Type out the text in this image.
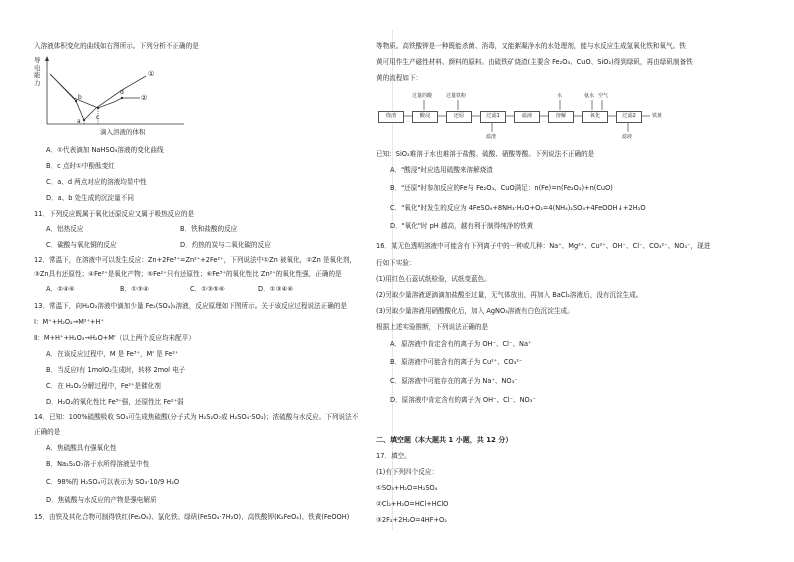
入溶液体积变化的曲线如右图所示。下列分析不正确的是
导
电
能
力
①
②
a
b
c
d
滴入溶液的体积
A．①代表滴加 NaHSO₄溶液的变化曲线
B．c 点时①中酚酞变红
C．a、d 两点对应的溶液均显中性
D．a、b 处生成的沉淀量不同
11．下列反应既属于氧化还原反应又属于吸热反应的是
A．铝热反应	B．铁和盐酸的反应
C．碳酸与氧化铜的反应	D．灼热的炭与二氧化碳的反应
12．常温下，在溶液中可以发生反应：Zn+2Fe³⁺=Zn²⁺+2Fe²⁺，下列说法中①Zn 被氧化，②Zn 是氧化剂，
③Zn具有还原性；④Fe²⁺是氧化产物；⑤Fe²⁺只有还原性；⑥Fe³⁺的氧化性比 Zn²⁺的氧化性强，正确的是
A．②④⑥	B．①③④	C．①③⑤⑥	D．①③④⑥
13．常温下，向H₂O₂溶液中滴加少量 Fe₂(SO₄)₃溶液，反应原理如下图所示。关于该反应过程说法正确的是
Ⅰ：M⁺+H₂O₂→M²⁺+H⁺
Ⅱ：M+H⁺+H₂O₂→H₂O+M'（以上两个反应均未配平）
A．在该反应过程中，M 是 Fe³⁺，M' 是 Fe²⁺
B．当反应Ⅰ有 1molO₂生成时，转移 2mol 电子
C．在 H₂O₂分解过程中，Fe²⁺是催化剂
D．H₂O₂的氧化性比 Fe³⁺强，还原性比 Fe²⁺弱
14．已知：100%硫酸吸收 SO₃可生成焦硫酸(分子式为 H₂S₂O₇或 H₂SO₄·SO₃)；浓硫酸与水反应。下列说法不
正确的是
A．焦硫酸具有强氧化性
B．Na₂S₂O₇溶于水所得溶液呈中性
C．98%的 H₂SO₄可以表示为 SO₃·10/9 H₂O
D．焦硫酸与水反应的产物是强电解质
15．由铁及其化合物可制得铁红(Fe₂O₃)、氯化铁、绿矾(FeSO₄·7H₂O)、高铁酸钾(K₂FeO₄)、铁黄(FeOOH)
等物质。高铁酸钾是一种既能杀菌、消毒，又能絮凝净水的水处理剂，能与水反应生成氢氧化铁和氧气。铁
黄可用作生产磁性材料、颜料的原料。由硫铁矿烧渣(主要含 Fe₂O₃、CuO、SiO₂)得到绿矾，再由绿矾制备铁
黄的流程如下：
烧渣	酸浸	还原	过滤1	滤液	溶解	氧化	过滤2	铁黄
过量的酸	过量铁粉	水	氨水 空气
滤渣	滤液
已知：SiO₂难溶于水也难溶于盐酸、硫酸、硝酸等酸。下列说法不正确的是
A．"酸浸"时应选用硫酸来溶解烧渣
B．"还原"时参加反应的Fe与 Fe₂O₃、CuO满足：n(Fe)=n(Fe₂O₃)+n(CuO)
C．"氧化"时发生的反应为 4FeSO₄+8NH₃·H₂O+O₂=4(NH₄)₂SO₄+4FeOOH↓+2H₂O
D．"氧化"时 pH 越高，越有利于制得纯净的铁黄
16．某无色透明溶液中可能含有下列离子中的一种或几种：Na⁺、Mg²⁺、Cu²⁺、OH⁻、Cl⁻、CO₃²⁻、NO₃⁻，现进
行如下实验：
(1)用红色石蕊试纸检验，试纸变蓝色。
(2)另取少量溶液逐滴滴加盐酸至过量，无气体放出，再加入 BaCl₂溶液后，没有沉淀生成。
(3)另取少量溶液用硝酸酸化后，加入 AgNO₃溶液有白色沉淀生成。
根据上述实验推断，下列说法正确的是
A．原溶液中肯定含有的离子为 OH⁻、Cl⁻、Na⁺
B．原溶液中可能含有的离子为 Cu²⁺、CO₃²⁻
C．原溶液中可能存在的离子为 Na⁺、NO₃⁻
D．原溶液中肯定含有的离子为 OH⁻、Cl⁻、NO₃⁻
二、填空题（本大题共 1 小题，共 12 分）
17．填空。
(1)有下列四个反应：
①SO₃+H₂O=H₂SO₄
②Cl₂+H₂O=HCl+HClO
③2F₂+2H₂O=4HF+O₂
